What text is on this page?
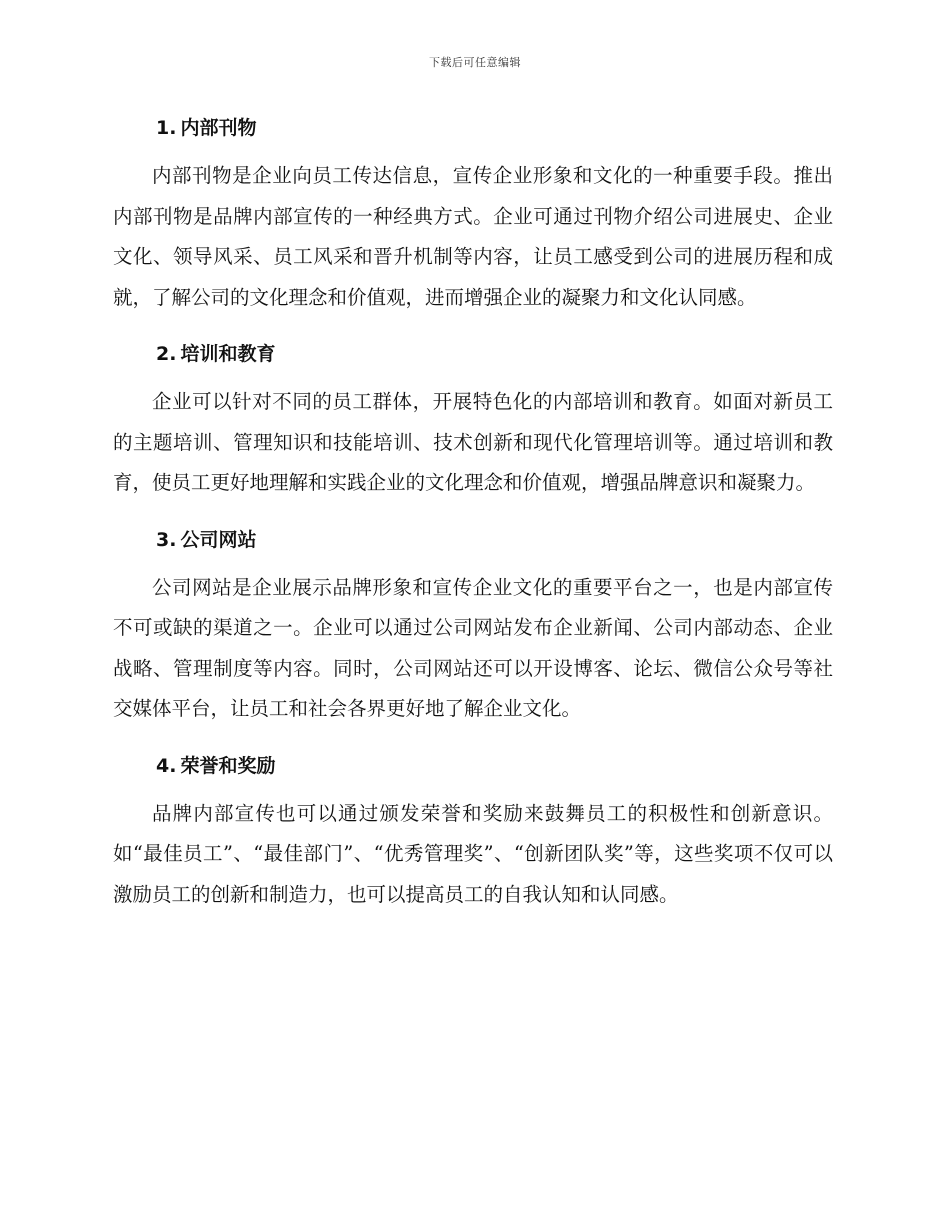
下载后可任意编辑
1. 内部刊物

内部刊物是企业向员工传达信息，宣传企业形象和文化的一种重要手段。推出内部刊物是品牌内部宣传的一种经典方式。企业可通过刊物介绍公司进展史、企业文化、领导风采、员工风采和晋升机制等内容，让员工感受到公司的进展历程和成就，了解公司的文化理念和价值观，进而增强企业的凝聚力和文化认同感。

2. 培训和教育

企业可以针对不同的员工群体，开展特色化的内部培训和教育。如面对新员工的主题培训、管理知识和技能培训、技术创新和现代化管理培训等。通过培训和教育，使员工更好地理解和实践企业的文化理念和价值观，增强品牌意识和凝聚力。

3. 公司网站

公司网站是企业展示品牌形象和宣传企业文化的重要平台之一，也是内部宣传不可或缺的渠道之一。企业可以通过公司网站发布企业新闻、公司内部动态、企业战略、管理制度等内容。同时，公司网站还可以开设博客、论坛、微信公众号等社交媒体平台，让员工和社会各界更好地了解企业文化。

4. 荣誉和奖励

品牌内部宣传也可以通过颁发荣誉和奖励来鼓舞员工的积极性和创新意识。如“最佳员工”、“最佳部门”、“优秀管理奖”、“创新团队奖”等，这些奖项不仅可以激励员工的创新和制造力，也可以提高员工的自我认知和认同感。
